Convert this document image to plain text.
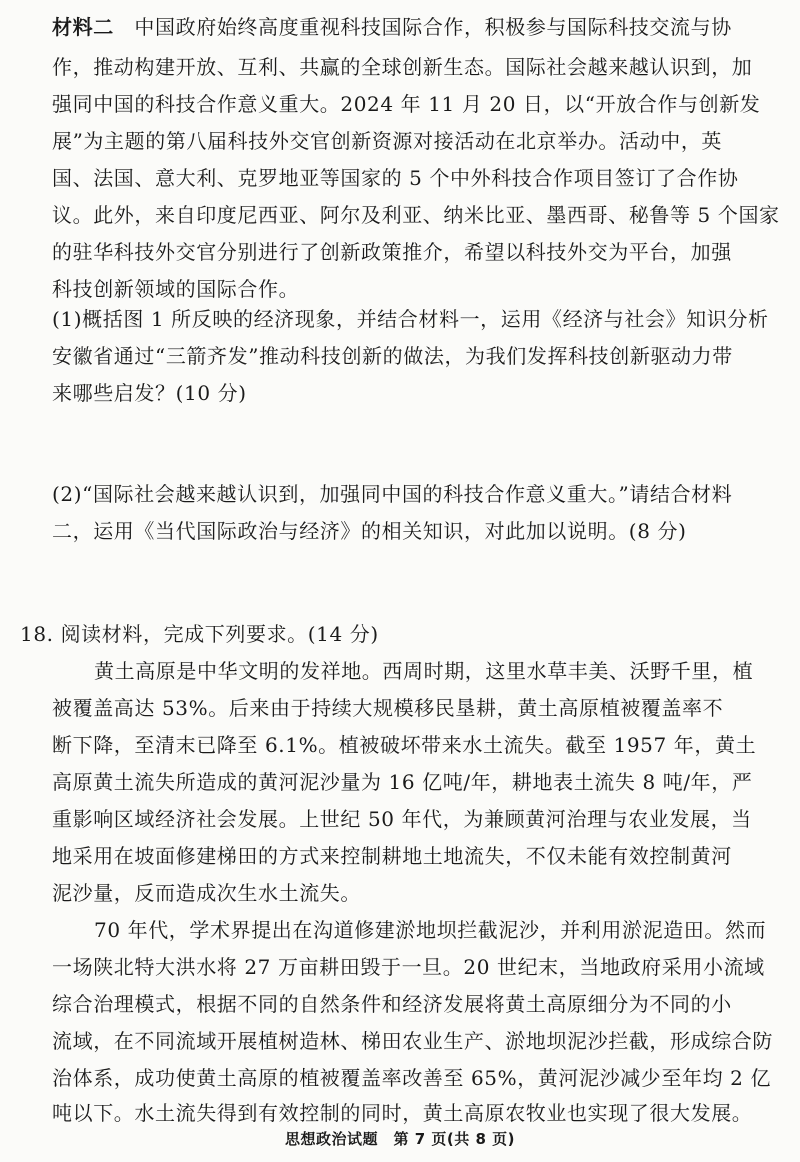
材料二　 中国政府始终高度重视科技国际合作，积极参与国际科技交流与协
作，推动构建开放、互利、共赢的全球创新生态。国际社会越来越认识到，加
强同中国的科技合作意义重大。2024 年 11 月 20 日，以“开放合作与创新发
展”为主题的第八届科技外交官创新资源对接活动在北京举办。活动中，英
国、法国、意大利、克罗地亚等国家的 5 个中外科技合作项目签订了合作协
议。此外，来自印度尼西亚、阿尔及利亚、纳米比亚、墨西哥、秘鲁等 5 个国家
的驻华科技外交官分别进行了创新政策推介，希望以科技外交为平台，加强
科技创新领域的国际合作。
(1)概括图 1 所反映的经济现象，并结合材料一，运用《经济与社会》知识分析
安徽省通过“三箭齐发”推动科技创新的做法，为我们发挥科技创新驱动力带
来哪些启发？(10 分)
(2)“国际社会越来越认识到，加强同中国的科技合作意义重大。”请结合材料
二，运用《当代国际政治与经济》的相关知识，对此加以说明。(8 分)
18. 阅读材料，完成下列要求。(14 分)
黄土高原是中华文明的发祥地。西周时期，这里水草丰美、沃野千里，植
被覆盖高达 53%。后来由于持续大规模移民垦耕，黄土高原植被覆盖率不
断下降，至清末已降至 6.1%。植被破坏带来水土流失。截至 1957 年，黄土
高原黄土流失所造成的黄河泥沙量为 16 亿吨/年，耕地表土流失 8 吨/年，严
重影响区域经济社会发展。上世纪 50 年代，为兼顾黄河治理与农业发展，当
地采用在坡面修建梯田的方式来控制耕地土地流失，不仅未能有效控制黄河
泥沙量，反而造成次生水土流失。
70 年代，学术界提出在沟道修建淤地坝拦截泥沙，并利用淤泥造田。然而
一场陕北特大洪水将 27 万亩耕田毁于一旦。20 世纪末，当地政府采用小流域
综合治理模式，根据不同的自然条件和经济发展将黄土高原细分为不同的小
流域，在不同流域开展植树造林、梯田农业生产、淤地坝泥沙拦截，形成综合防
治体系，成功使黄土高原的植被覆盖率改善至 65%，黄河泥沙减少至年均 2 亿
吨以下。水土流失得到有效控制的同时，黄土高原农牧业也实现了很大发展。
思想政治试题　第 7 页(共 8 页)
